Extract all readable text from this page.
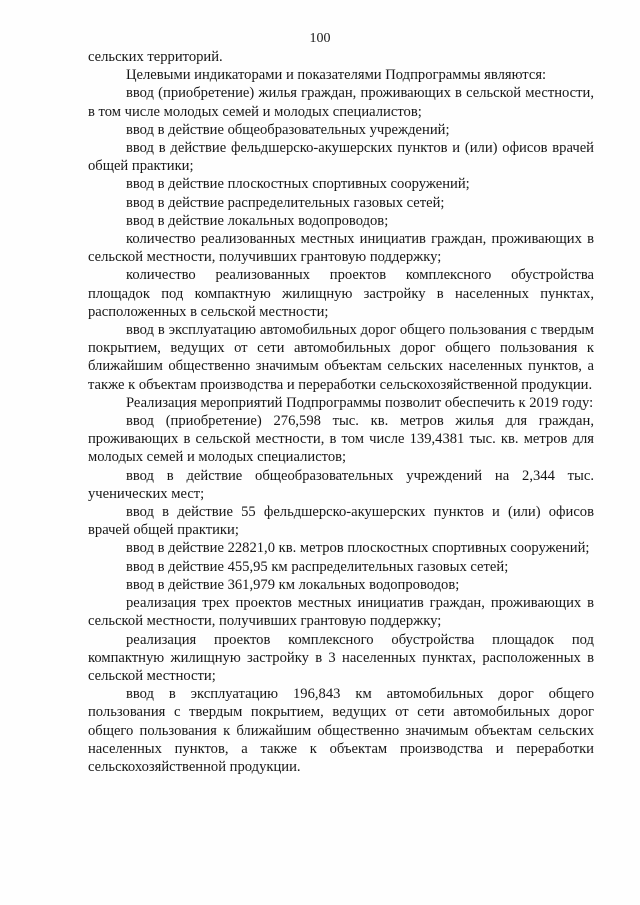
100

сельских территорий.

Целевыми индикаторами и показателями Подпрограммы являются:

ввод (приобретение) жилья граждан, проживающих в сельской местности, в том числе молодых семей и молодых специалистов;

ввод в действие общеобразовательных учреждений;

ввод в действие фельдшерско-акушерских пунктов и (или) офисов врачей общей практики;

ввод в действие плоскостных спортивных сооружений;

ввод в действие распределительных газовых сетей;

ввод в действие локальных водопроводов;

количество реализованных местных инициатив граждан, проживающих в сельской местности, получивших грантовую поддержку;

количество реализованных проектов комплексного обустройства площадок под компактную жилищную застройку в населенных пунктах, расположенных в сельской местности;

ввод в эксплуатацию автомобильных дорог общего пользования с твердым покрытием, ведущих от сети автомобильных дорог общего пользования к ближайшим общественно значимым объектам сельских населенных пунктов, а также к объектам производства и переработки сельскохозяйственной продукции.

Реализация мероприятий Подпрограммы позволит обеспечить к 2019 году:

ввод (приобретение) 276,598 тыс. кв. метров жилья для граждан, проживающих в сельской местности, в том числе 139,4381 тыс. кв. метров для молодых семей и молодых специалистов;

ввод в действие общеобразовательных учреждений на 2,344 тыс. ученических мест;

ввод в действие 55 фельдшерско-акушерских пунктов и (или) офисов врачей общей практики;

ввод в действие 22821,0 кв. метров плоскостных спортивных сооружений;

ввод в действие 455,95 км распределительных газовых сетей;

ввод в действие 361,979 км локальных водопроводов;

реализация трех проектов местных инициатив граждан, проживающих в сельской местности, получивших грантовую поддержку;

реализация проектов комплексного обустройства площадок под компактную жилищную застройку в 3 населенных пунктах, расположенных в сельской местности;

ввод в эксплуатацию 196,843 км автомобильных дорог общего пользования с твердым покрытием, ведущих от сети автомобильных дорог общего пользования к ближайшим общественно значимым объектам сельских населенных пунктов, а также к объектам производства и переработки сельскохозяйственной продукции.
